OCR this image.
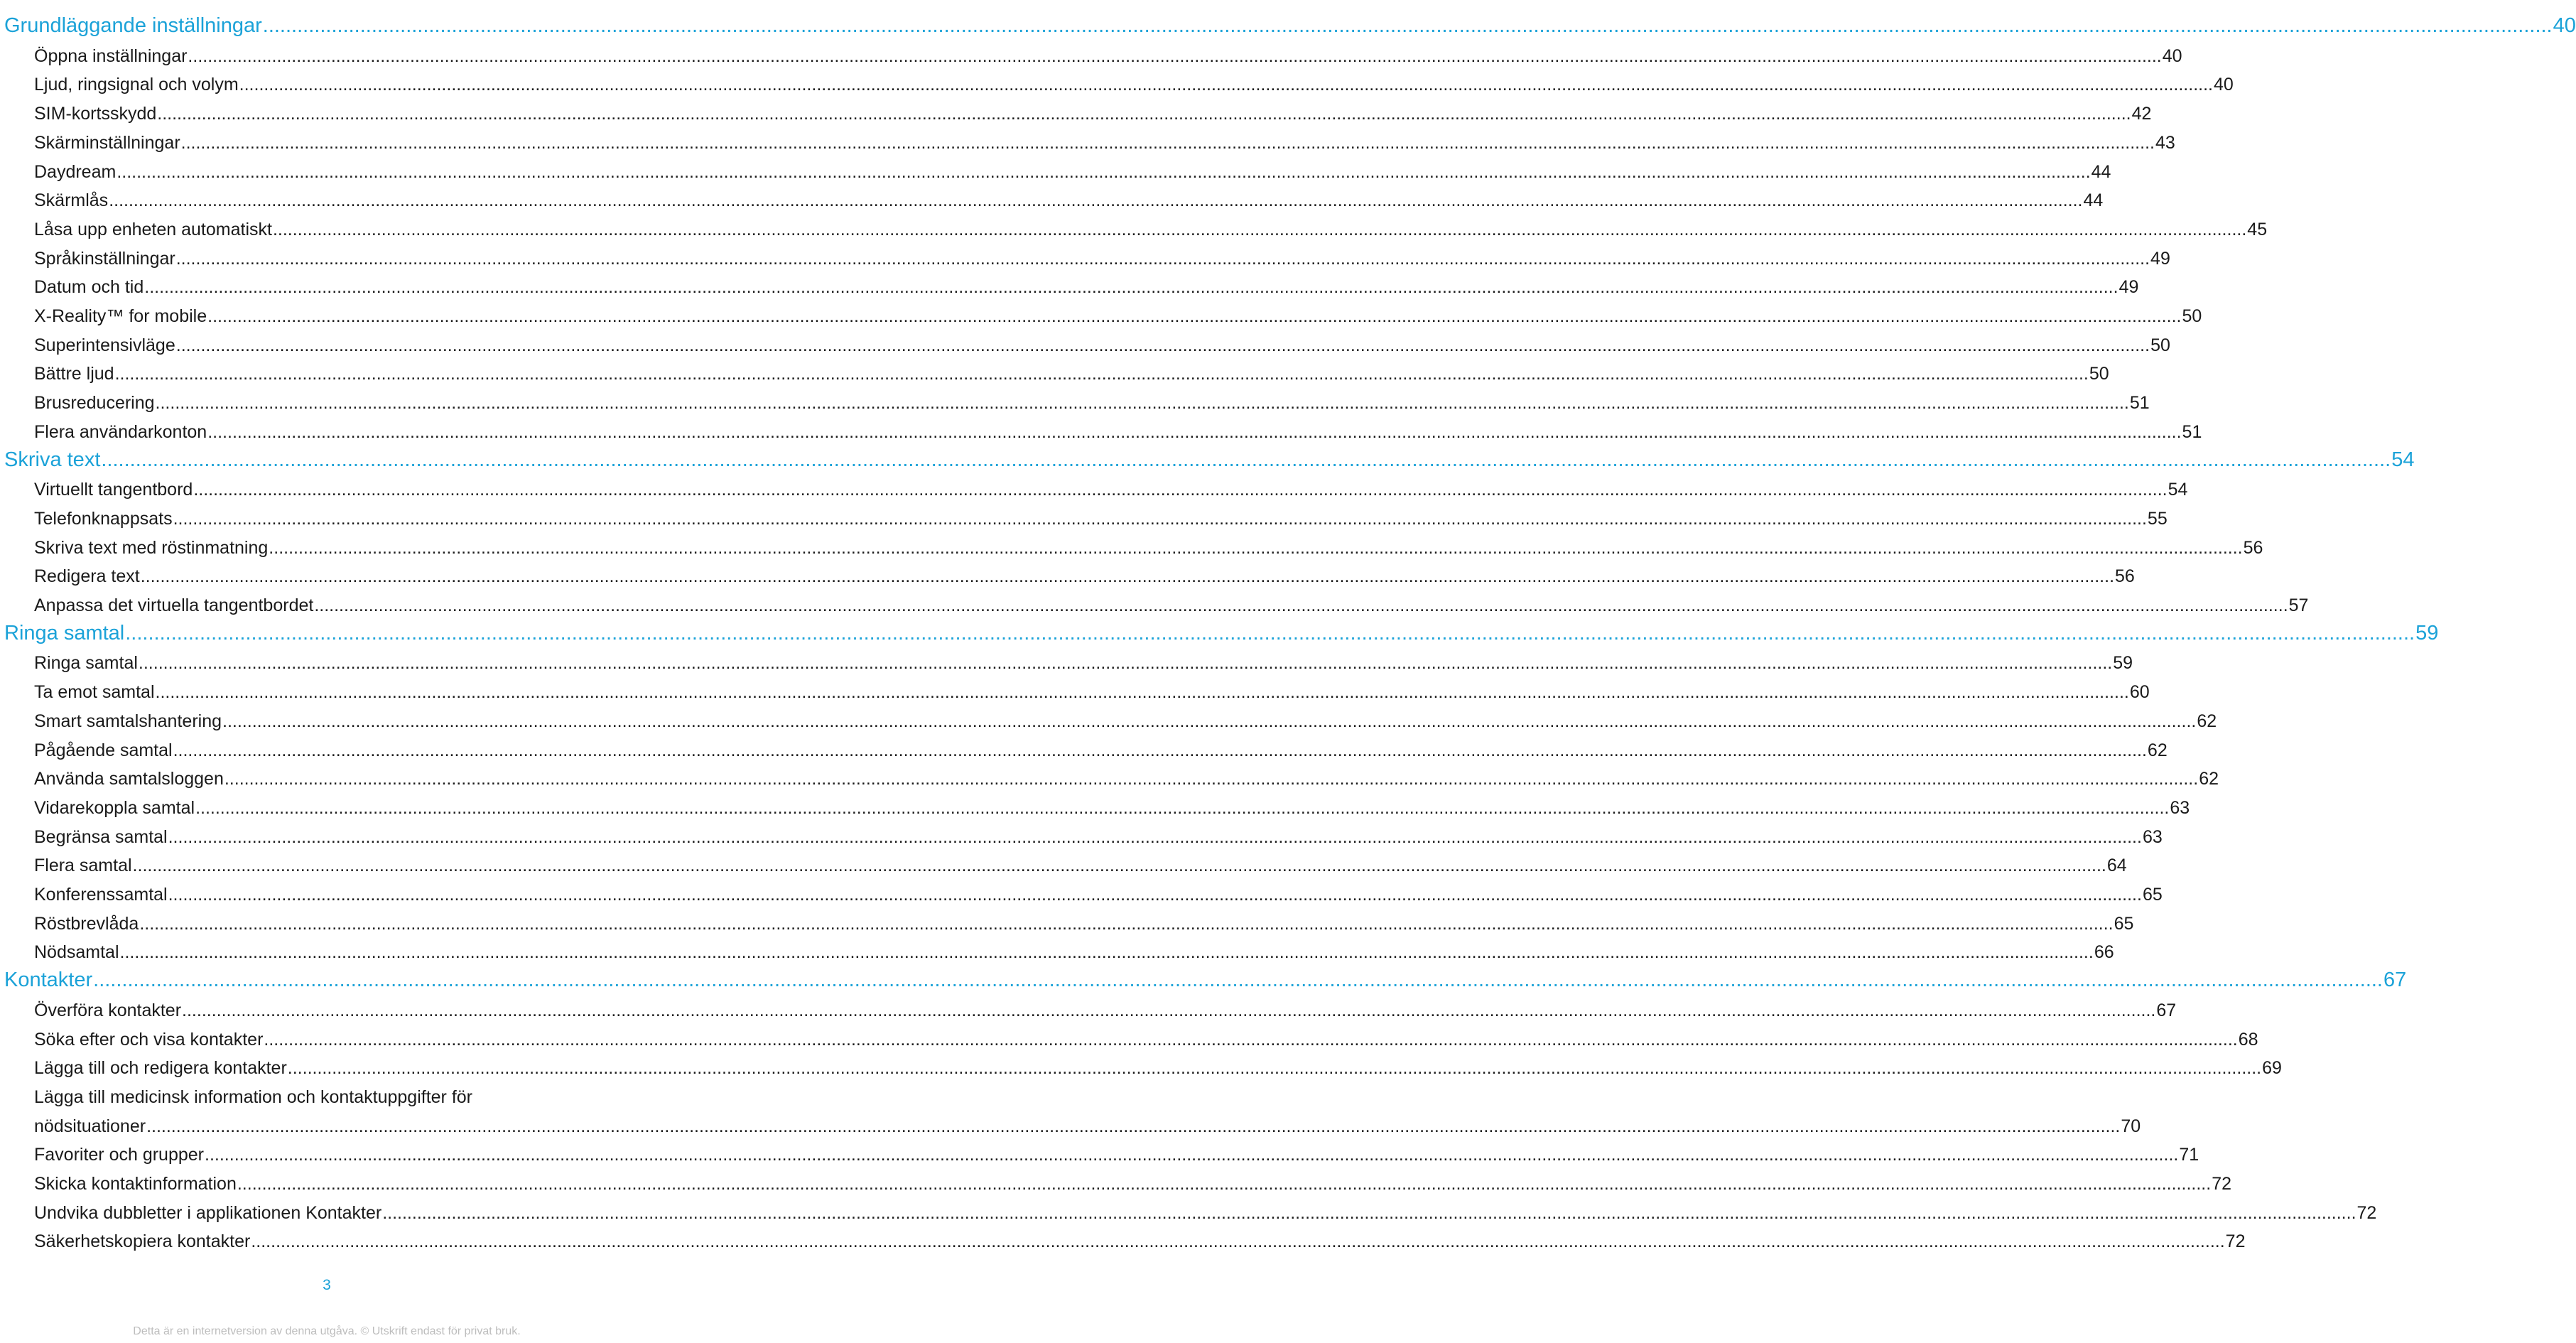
Grundläggande inställningar ................................................................................................................................................................................................................................................................................................................................................................................................................ 40
Öppna inställningar ................................................................................................................................................................................................................................................................................................................................................................................................................ 40
Ljud, ringsignal och volym ................................................................................................................................................................................................................................................................................................................................................................................................................ 40
SIM-kortsskydd ................................................................................................................................................................................................................................................................................................................................................................................................................ 42
Skärminställningar ................................................................................................................................................................................................................................................................................................................................................................................................................ 43
Daydream ................................................................................................................................................................................................................................................................................................................................................................................................................ 44
Skärmlås ................................................................................................................................................................................................................................................................................................................................................................................................................ 44
Låsa upp enheten automatiskt ................................................................................................................................................................................................................................................................................................................................................................................................................ 45
Språkinställningar ................................................................................................................................................................................................................................................................................................................................................................................................................ 49
Datum och tid ................................................................................................................................................................................................................................................................................................................................................................................................................ 49
X-Reality™ for mobile ................................................................................................................................................................................................................................................................................................................................................................................................................ 50
Superintensivläge ................................................................................................................................................................................................................................................................................................................................................................................................................ 50
Bättre ljud ................................................................................................................................................................................................................................................................................................................................................................................................................ 50
Brusreducering ................................................................................................................................................................................................................................................................................................................................................................................................................ 51
Flera användarkonton ................................................................................................................................................................................................................................................................................................................................................................................................................ 51
Skriva text ................................................................................................................................................................................................................................................................................................................................................................................................................ 54
Virtuellt tangentbord ................................................................................................................................................................................................................................................................................................................................................................................................................ 54
Telefonknappsats ................................................................................................................................................................................................................................................................................................................................................................................................................ 55
Skriva text med röstinmatning ................................................................................................................................................................................................................................................................................................................................................................................................................ 56
Redigera text ................................................................................................................................................................................................................................................................................................................................................................................................................ 56
Anpassa det virtuella tangentbordet ................................................................................................................................................................................................................................................................................................................................................................................................................ 57
Ringa samtal ................................................................................................................................................................................................................................................................................................................................................................................................................ 59
Ringa samtal ................................................................................................................................................................................................................................................................................................................................................................................................................ 59
Ta emot samtal ................................................................................................................................................................................................................................................................................................................................................................................................................ 60
Smart samtalshantering ................................................................................................................................................................................................................................................................................................................................................................................................................ 62
Pågående samtal ................................................................................................................................................................................................................................................................................................................................................................................................................ 62
Använda samtalsloggen ................................................................................................................................................................................................................................................................................................................................................................................................................ 62
Vidarekoppla samtal ................................................................................................................................................................................................................................................................................................................................................................................................................ 63
Begränsa samtal ................................................................................................................................................................................................................................................................................................................................................................................................................ 63
Flera samtal ................................................................................................................................................................................................................................................................................................................................................................................................................ 64
Konferenssamtal ................................................................................................................................................................................................................................................................................................................................................................................................................ 65
Röstbrevlåda ................................................................................................................................................................................................................................................................................................................................................................................................................ 65
Nödsamtal ................................................................................................................................................................................................................................................................................................................................................................................................................ 66
Kontakter ................................................................................................................................................................................................................................................................................................................................................................................................................ 67
Överföra kontakter ................................................................................................................................................................................................................................................................................................................................................................................................................ 67
Söka efter och visa kontakter ................................................................................................................................................................................................................................................................................................................................................................................................................ 68
Lägga till och redigera kontakter ................................................................................................................................................................................................................................................................................................................................................................................................................ 69
Lägga till medicinsk information och kontaktuppgifter för
nödsituationer ................................................................................................................................................................................................................................................................................................................................................................................................................ 70
Favoriter och grupper ................................................................................................................................................................................................................................................................................................................................................................................................................ 71
Skicka kontaktinformation ................................................................................................................................................................................................................................................................................................................................................................................................................ 72
Undvika dubbletter i applikationen Kontakter ................................................................................................................................................................................................................................................................................................................................................................................................................ 72
Säkerhetskopiera kontakter ................................................................................................................................................................................................................................................................................................................................................................................................................ 72
3
Detta är en internetversion av denna utgåva. © Utskrift endast för privat bruk.
